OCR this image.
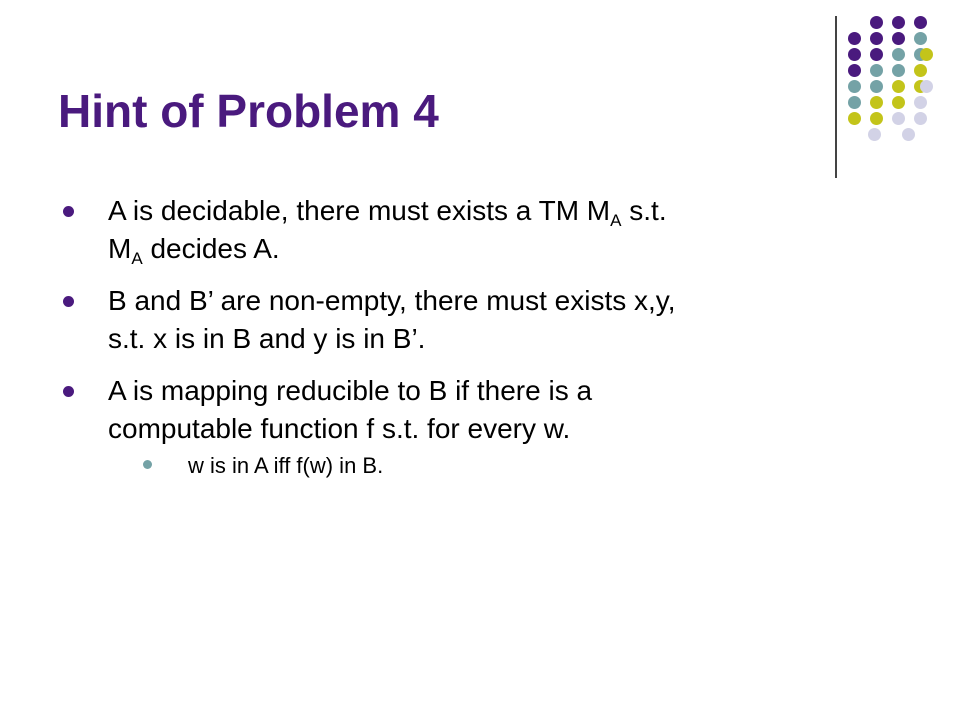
Hint of Problem 4
A is decidable, there must exists a TM $M_A$ s.t.
$M_A$ decides A.
B and B’ are non-empty, there must exists x,y,
s.t. x is in B and y is in B’.
A is mapping reducible to B if there is a
computable function f s.t. for every w.
w is in A iff f(w) in B.
